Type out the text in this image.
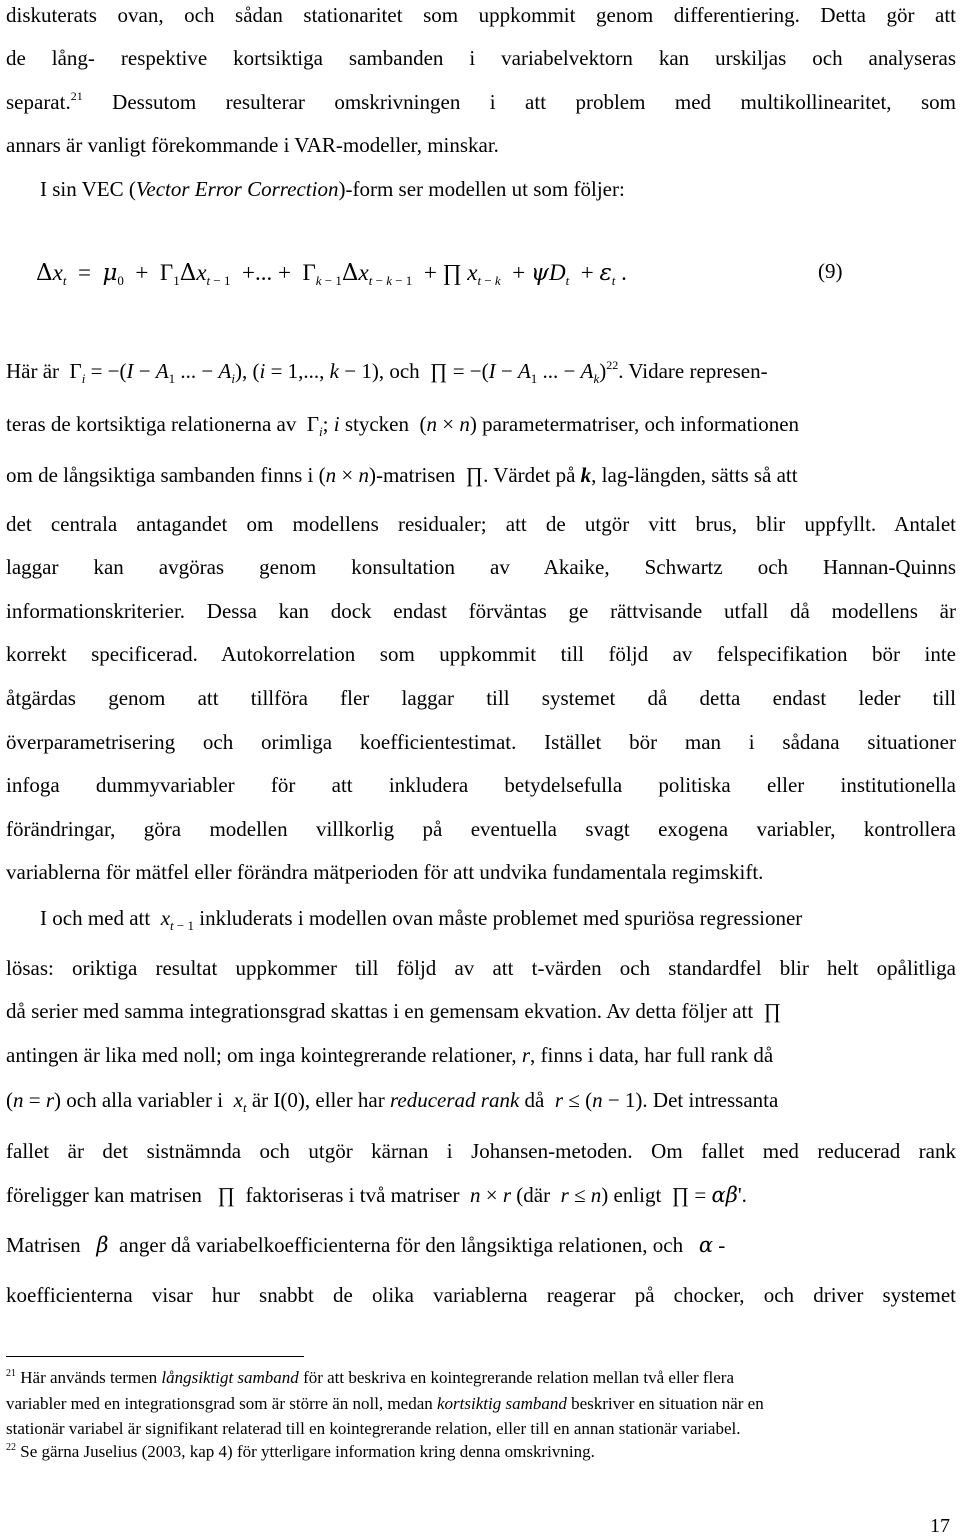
diskuterats ovan, och sådan stationaritet som uppkommit genom differentiering. Detta gör att

de lång- respektive kortsiktiga sambanden i variabelvektorn kan urskiljas och analyseras

separat.$^{21}$ Dessutom resulterar omskrivningen i att problem med multikollinearitet, som

annars är vanligt förekommande i VAR-modeller, minskar.

I sin VEC (Vector Error Correction)-form ser modellen ut som följer:

$\Delta x_t = \mu_0 + \Gamma_1\Delta x_{t - 1}$  +... +  $\Gamma_{k - 1}\Delta x_{t - k - 1}$  + ∏ $x_{t - k} + \psi D_t + \varepsilon_t$ .	(9)

Här är $\Gamma_i = -(I - A_1$ ... − $A_i$), (i = 1,..., k − 1), och ∏ = $-(I - A_1$ ... − $A_k)^{22}$. Vidare represen-

teras de kortsiktiga relationerna av $\Gamma_i$; i stycken (n × n) parametermatriser, och informationen

om de långsiktiga sambanden finns i (n × n)-matrisen ∏. Värdet på k, lag-längden, sätts så att

det centrala antagandet om modellens residualer; att de utgör vitt brus, blir uppfyllt. Antalet

laggar kan avgöras genom konsultation av Akaike, Schwartz och Hannan-Quinns

informationskriterier. Dessa kan dock endast förväntas ge rättvisande utfall då modellens är

korrekt specificerad. Autokorrelation som uppkommit till följd av felspecifikation bör inte

åtgärdas genom att tillföra fler laggar till systemet då detta endast leder till

överparametrisering och orimliga koefficientestimat. Istället bör man i sådana situationer

infoga dummyvariabler för att inkludera betydelsefulla politiska eller institutionella

förändringar, göra modellen villkorlig på eventuella svagt exogena variabler, kontrollera

variablerna för mätfel eller förändra mätperioden för att undvika fundamentala regimskift.

I och med att $x_{t - 1}$ inkluderats i modellen ovan måste problemet med spuriösa regressioner

lösas: oriktiga resultat uppkommer till följd av att t-värden och standardfel blir helt opålitliga

då serier med samma integrationsgrad skattas i en gemensam ekvation. Av detta följer att ∏

antingen är lika med noll; om inga kointegrerande relationer, r, finns i data, har full rank då

(n = r) och alla variabler i $x_t$ är I(0), eller har reducerad rank då r ≤ (n − 1). Det intressanta

fallet är det sistnämnda och utgör kärnan i Johansen-metoden. Om fallet med reducerad rank

föreligger kan matrisen ∏  faktoriseras i två matriser n × r (där r ≤ n) enligt ∏ = αβ'.

Matrisen β  anger då variabelkoefficienterna för den långsiktiga relationen, och α -

koefficienterna visar hur snabbt de olika variablerna reagerar på chocker, och driver systemet

$^{21}$ Här används termen långsiktigt samband för att beskriva en kointegrerande relation mellan två eller flera

variabler med en integrationsgrad som är större än noll, medan kortsiktig samband beskriver en situation när en

stationär variabel är signifikant relaterad till en kointegrerande relation, eller till en annan stationär variabel.

$^{22}$ Se gärna Juselius (2003, kap 4) för ytterligare information kring denna omskrivning.

17
